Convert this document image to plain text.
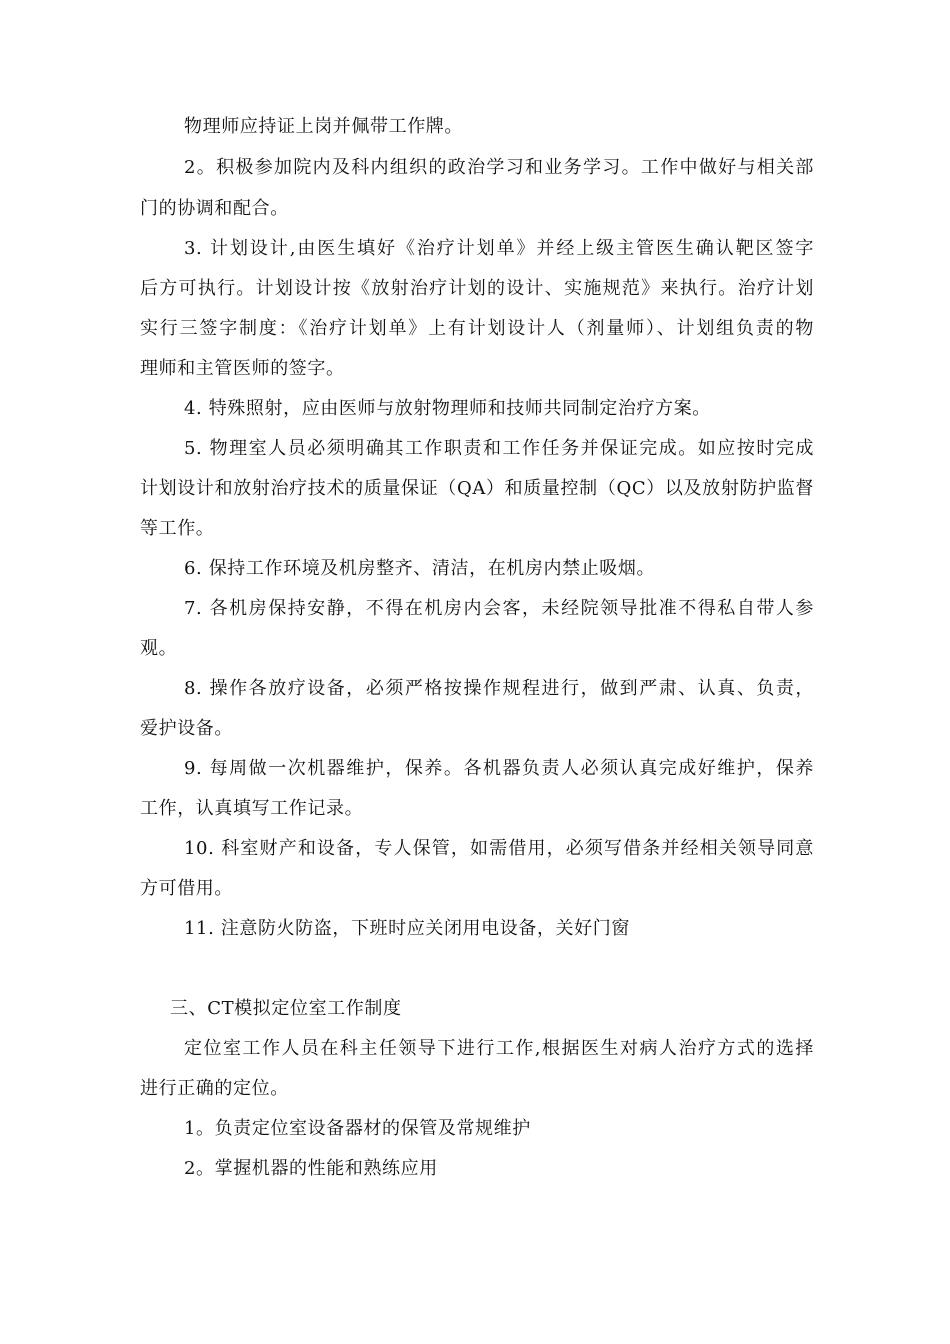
物理师应持证上岗并佩带工作牌。
2。积极参加院内及科内组织的政治学习和业务学习。工作中做好与相关部
门的协调和配合。
3. 计划设计,由医生填好《治疗计划单》并经上级主管医生确认靶区签字
后方可执行。计划设计按《放射治疗计划的设计、实施规范》来执行。治疗计划
实行三签字制度：《治疗计划单》上有计划设计人（剂量师）、计划组负责的物
理师和主管医师的签字。
4. 特殊照射，应由医师与放射物理师和技师共同制定治疗方案。
5. 物理室人员必须明确其工作职责和工作任务并保证完成。如应按时完成
计划设计和放射治疗技术的质量保证（QA）和质量控制（QC）以及放射防护监督
等工作。
6. 保持工作环境及机房整齐、清洁，在机房内禁止吸烟。
7. 各机房保持安静，不得在机房内会客，未经院领导批准不得私自带人参
观。
8. 操作各放疗设备，必须严格按操作规程进行，做到严肃、认真、负责，
爱护设备。
9. 每周做一次机器维护，保养。各机器负责人必须认真完成好维护，保养
工作，认真填写工作记录。
10. 科室财产和设备，专人保管，如需借用，必须写借条并经相关领导同意
方可借用。
11. 注意防火防盗，下班时应关闭用电设备，关好门窗
三、CT模拟定位室工作制度
定位室工作人员在科主任领导下进行工作,根据医生对病人治疗方式的选择
进行正确的定位。
1。负责定位室设备器材的保管及常规维护
2。掌握机器的性能和熟练应用
